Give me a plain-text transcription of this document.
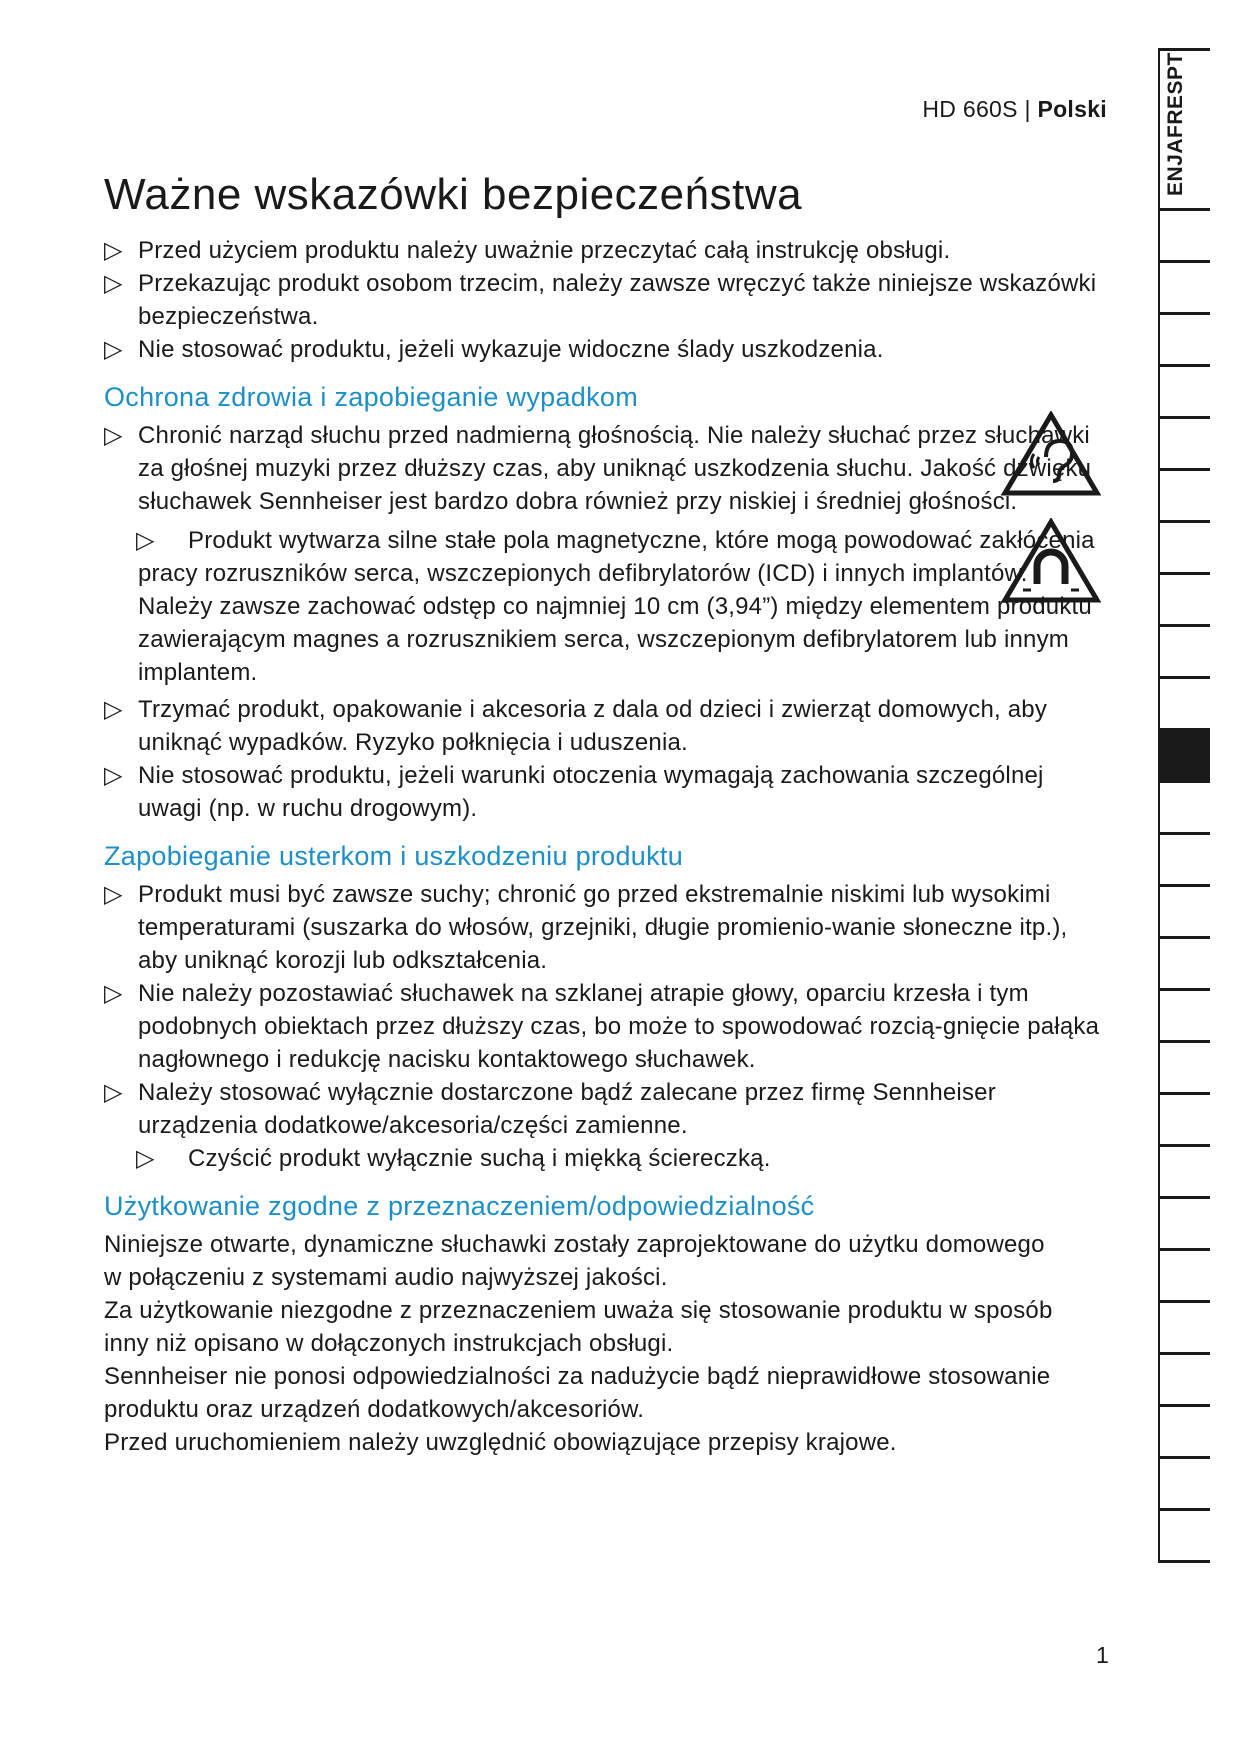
HD 660S | Polski	ENJAFRESPT
Ważne wskazówki bezpieczeństwa
▷ Przed użyciem produktu należy uważnie przeczytać całą instrukcję obsługi.
▷ Przekazując produkt osobom trzecim, należy zawsze wręczyć także niniejsze wskazówki bezpieczeństwa.
▷ Nie stosować produktu, jeżeli wykazuje widoczne ślady uszkodzenia.
Ochrona zdrowia i zapobieganie wypadkom
▷ Chronić narząd słuchu przed nadmierną głośnością. Nie należy słuchać przez słuchawki za głośnej muzyki przez dłuższy czas, aby uniknąć uszkodzenia słuchu. Jakość dźwięku słuchawek Sennheiser jest bardzo dobra również przy niskiej i średniej głośności.
▷	Produkt wytwarza silne stałe pola magnetyczne, które mogą powodować zakłócenia pracy rozruszników serca, wszczepionych defibrylatorów (ICD) i innych implantów. Należy zawsze zachować odstęp co najmniej 10 cm (3,94”) między elementem produktu zawierającym magnes a rozrusznikiem serca, wszczepionym defibrylatorem lub innym implantem.
▷ Trzymać produkt, opakowanie i akcesoria z dala od dzieci i zwierząt domowych, aby uniknąć wypadków. Ryzyko połknięcia i uduszenia.
▷ Nie stosować produktu, jeżeli warunki otoczenia wymagają zachowania szczególnej uwagi (np. w ruchu drogowym).
Zapobieganie usterkom i uszkodzeniu produktu
▷ Produkt musi być zawsze suchy; chronić go przed ekstremalnie niskimi lub wysokimi temperaturami (suszarka do włosów, grzejniki, długie promienio-wanie słoneczne itp.), aby uniknąć korozji lub odkształcenia.
▷ Nie należy pozostawiać słuchawek na szklanej atrapie głowy, oparciu krzesła i tym podobnych obiektach przez dłuższy czas, bo może to spowodować rozcią-gnięcie pałąka nagłownego i redukcję nacisku kontaktowego słuchawek.
▷ Należy stosować wyłącznie dostarczone bądź zalecane przez firmę Sennheiser urządzenia dodatkowe/akcesoria/części zamienne.
▷	Czyścić produkt wyłącznie suchą i miękką ściereczką.
Użytkowanie zgodne z przeznaczeniem/odpowiedzialność

Niniejsze otwarte, dynamiczne słuchawki zostały zaprojektowane do użytku domowego w połączeniu z systemami audio najwyższej jakości.

Za użytkowanie niezgodne z przeznaczeniem uważa się stosowanie produktu w sposób inny niż opisano w dołączonych instrukcjach obsługi.

Sennheiser nie ponosi odpowiedzialności za nadużycie bądź nieprawidłowe stosowanie produktu oraz urządzeń dodatkowych/akcesoriów.

Przed uruchomieniem należy uwzględnić obowiązujące przepisy krajowe.

1
